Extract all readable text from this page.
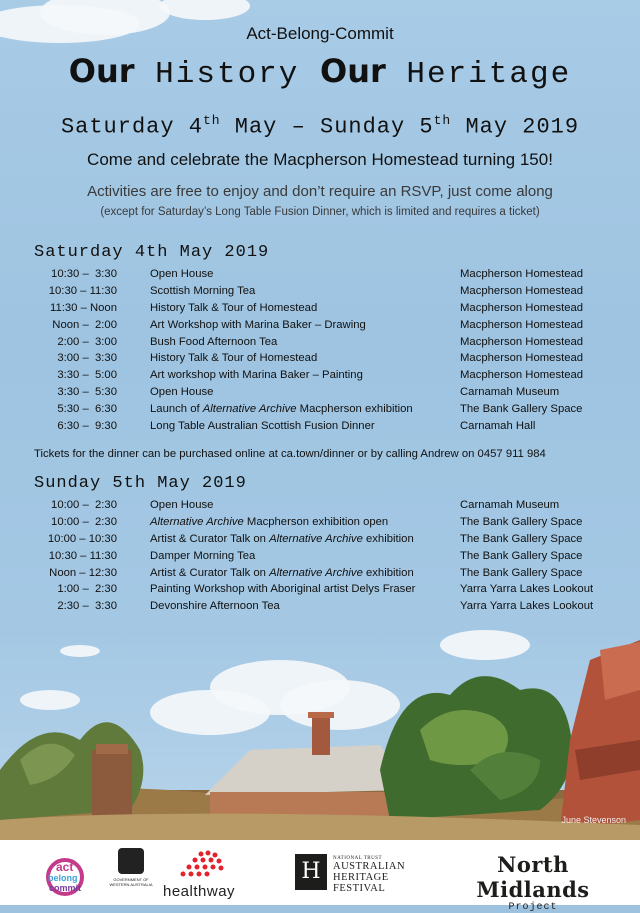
Act-Belong-Commit
Our History Our Heritage
Saturday 4th May – Sunday 5th May 2019
Come and celebrate the Macpherson Homestead turning 150!
Activities are free to enjoy and don’t require an RSVP, just come along
(except for Saturday’s Long Table Fusion Dinner, which is limited and requires a ticket)
Saturday 4th May 2019
10:30 –  3:30	Open House	Macpherson Homestead
10:30 – 11:30	Scottish Morning Tea	Macpherson Homestead
11:30 – Noon	History Talk & Tour of Homestead	Macpherson Homestead
Noon –  2:00	Art Workshop with Marina Baker – Drawing	Macpherson Homestead
2:00 –  3:00	Bush Food Afternoon Tea	Macpherson Homestead
3:00 –  3:30	History Talk & Tour of Homestead	Macpherson Homestead
3:30 –  5:00	Art workshop with Marina Baker – Painting	Macpherson Homestead
3:30 –  5:30	Open House	Carnamah Museum
5:30 –  6:30	Launch of Alternative Archive Macpherson exhibition	The Bank Gallery Space
6:30 –  9:30	Long Table Australian Scottish Fusion Dinner	Carnamah Hall
Tickets for the dinner can be purchased online at ca.town/dinner or by calling Andrew on 0457 911 984
Sunday 5th May 2019
10:00 –  2:30	Open House	Carnamah Museum
10:00 –  2:30	Alternative Archive Macpherson exhibition open	The Bank Gallery Space
10:00 – 10:30	Artist & Curator Talk on Alternative Archive exhibition	The Bank Gallery Space
10:30 – 11:30	Damper Morning Tea	The Bank Gallery Space
Noon – 12:30	Artist & Curator Talk on Alternative Archive exhibition	The Bank Gallery Space
1:00 –  2:30	Painting Workshop with Aboriginal artist Delys Fraser	Yarra Yarra Lakes Lookout
2:30 –  3:30	Devonshire Afternoon Tea	Yarra Yarra Lakes Lookout
June Stevenson
act
belong
commit
GOVERNMENT OF
WESTERN AUSTRALIA healthway
H
NATIONAL TRUST
AUSTRALIAN
HERITAGE
FESTIVAL
North Midlands
Project
